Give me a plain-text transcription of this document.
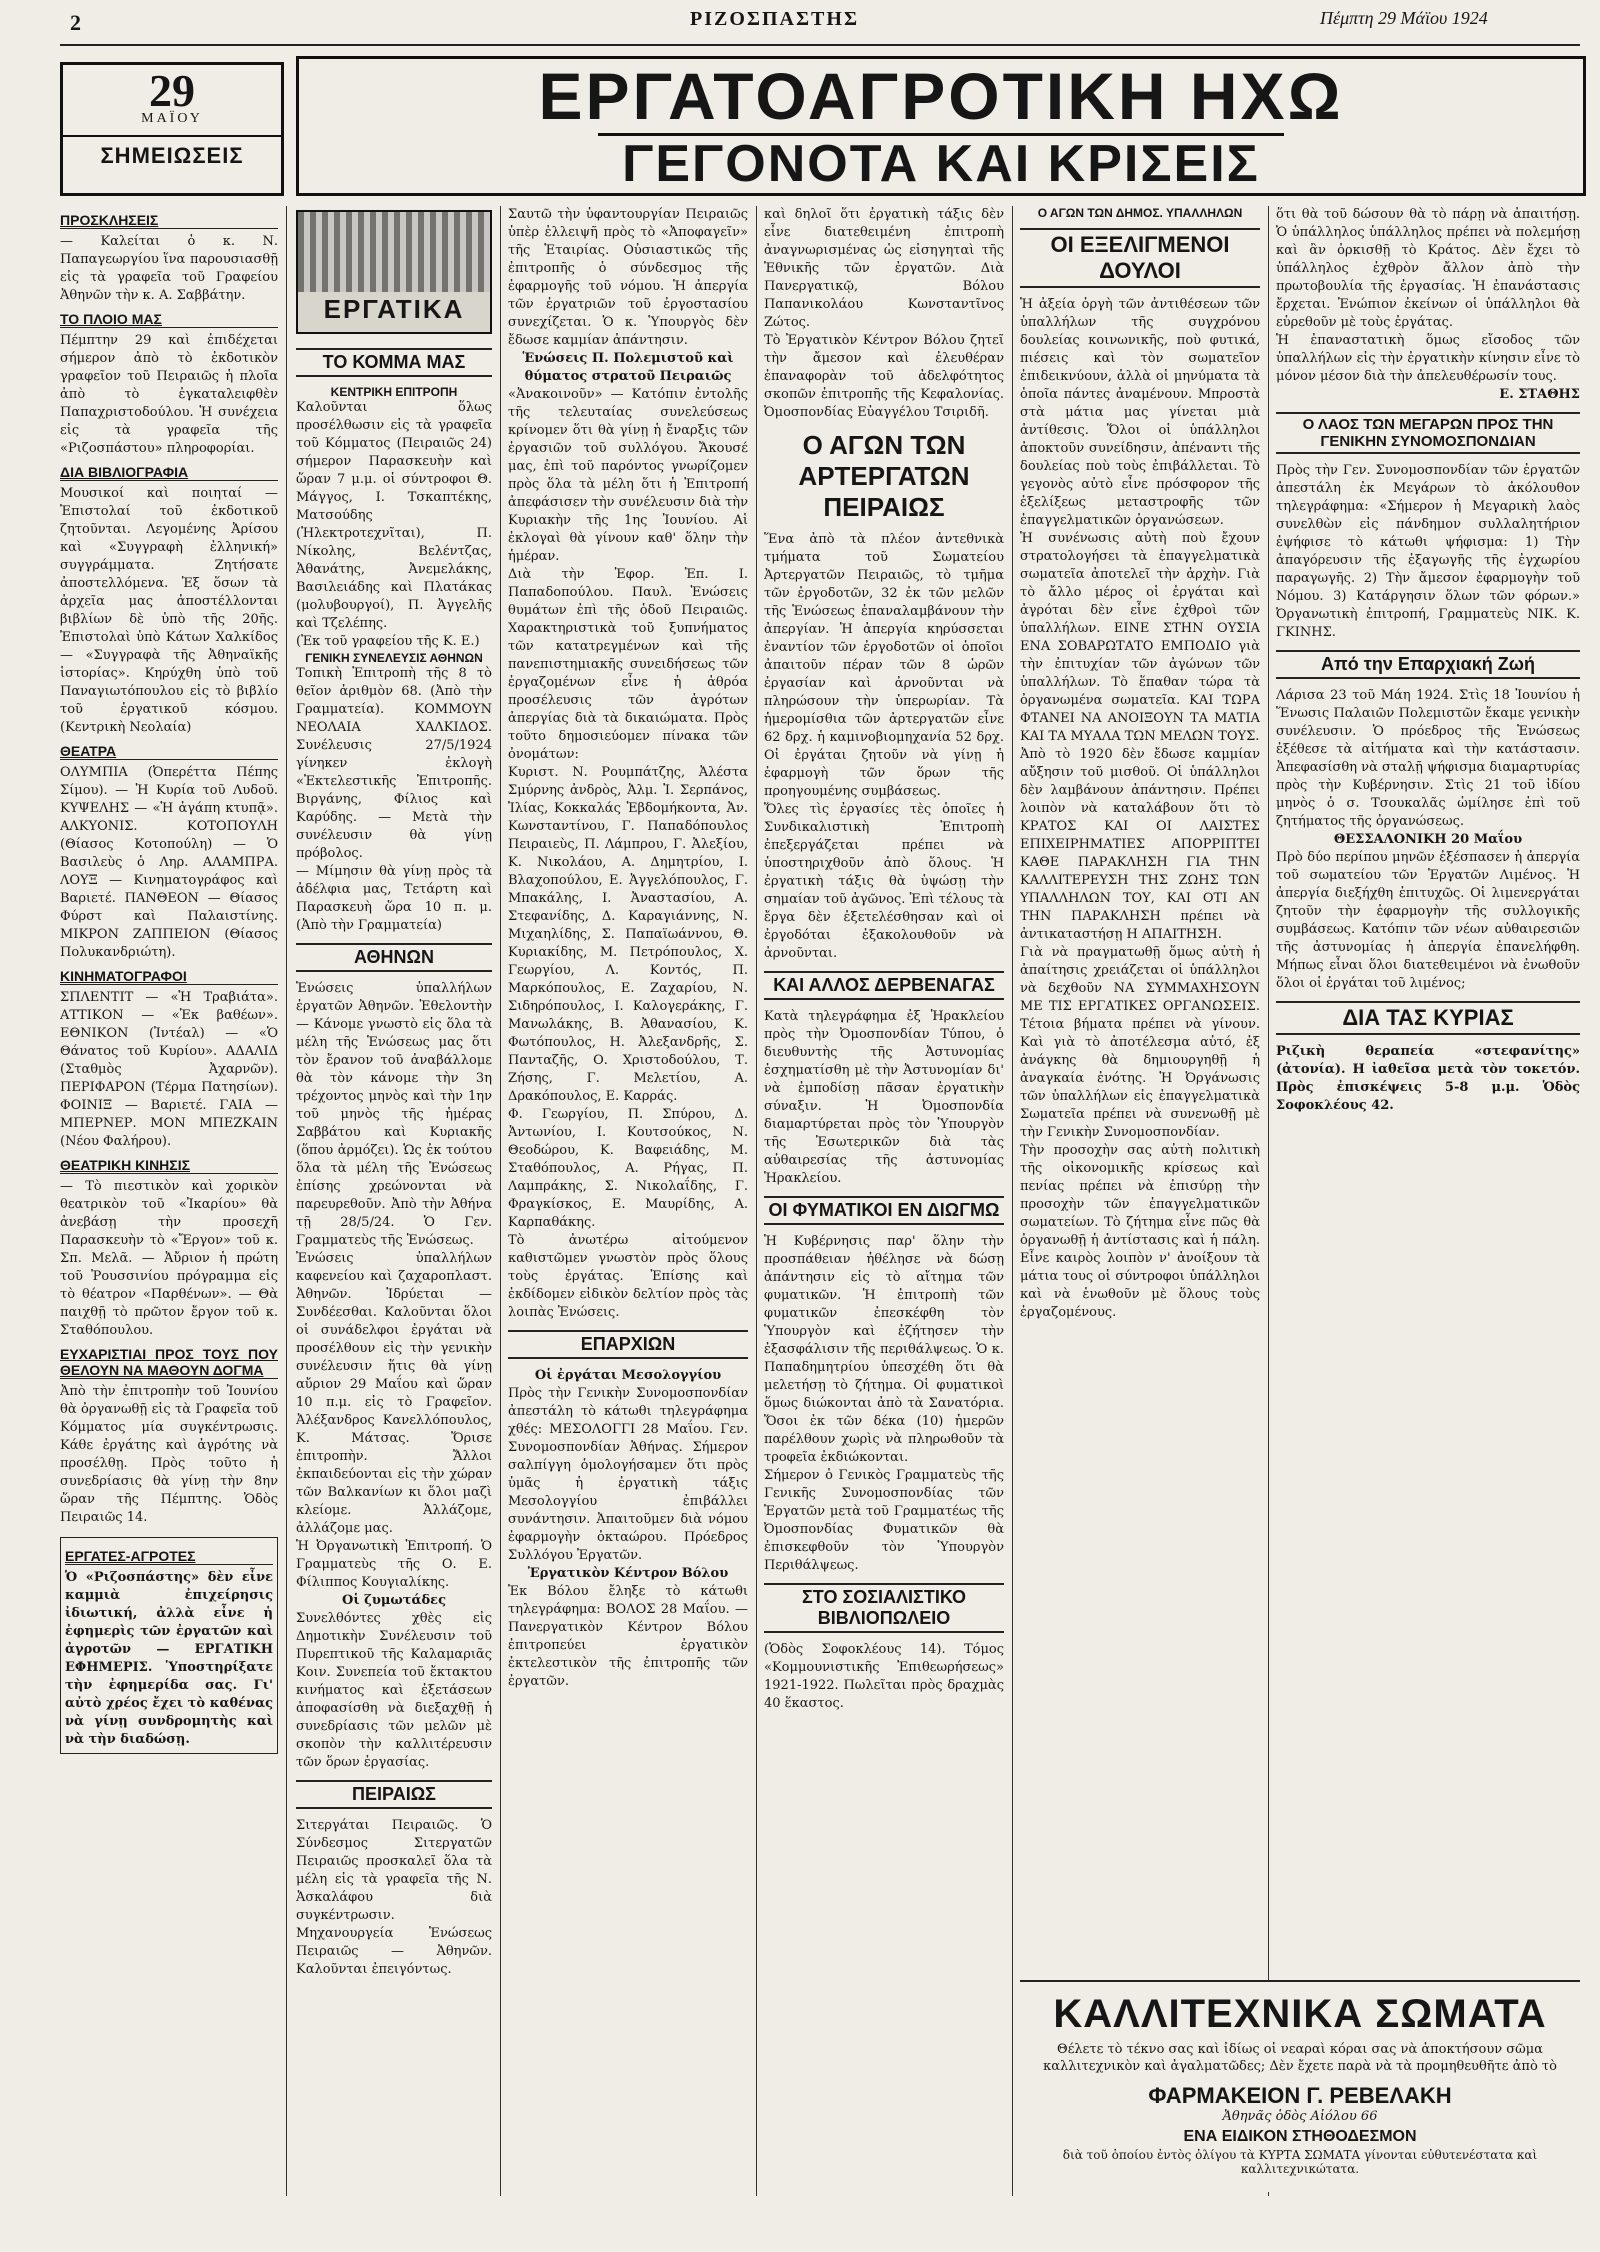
2	ΡΙΖΟΣΠΑΣΤΗΣ	Πέμπτη 29 Μάϊου 1924
29
ΜΑΪΟΥ
ΣΗΜΕΙΩΣΕΙΣ
ΕΡΓΑΤΟΑΓΡΟΤΙΚΗ ΗΧΩ
ΓΕΓΟΝΟΤΑ ΚΑΙ ΚΡΙΣΕΙΣ
ΠΡΟΣΚΛΗΣΕΙΣ
— Καλείται ὁ κ. Ν. Παπαγεωργίου ἵνα παρουσιασθῇ εἰς τὰ γραφεῖα τοῦ Γραφείου Ἀθηνῶν τὴν κ. Α. Σαββάτην.
ΤΟ ΠΛΟΙΟ ΜΑΣ
Πέμπτην 29 καὶ ἐπιδέχεται σήμερον ἀπὸ τὸ ἐκδοτικὸν γραφεῖον τοῦ Πειραιῶς ἡ πλοῖα ἀπὸ τὸ ἐγκαταλειφθὲν Παπαχριστοδούλου. Ἡ συνέχεια εἰς τὰ γραφεῖα τῆς «Ριζοσπάστου» πληροφορίαι.
ΔΙΑ ΒΙΒΛΙΟΓΡΑΦΙΑ
Μουσικοί καὶ ποιηταί — Ἐπιστολαί τοῦ ἐκδοτικοῦ ζητοῦνται. Λεγομένης Ἀρίσου καὶ «Συγγραφὴ ἐλληνική» συγγράμματα. Ζητήσατε ἀποστελλόμενα. Ἐξ ὅσων τὰ ἀρχεῖα μας ἀποστέλλονται βιβλίων δὲ ὑπὸ τῆς 20ῆς. Ἐπιστολαὶ ὑπὸ Κάτων Χαλκίδος — «Συγγραφὰ τῆς Ἀθηναϊκῆς ἱστορίας». Κηρύχθη ὑπὸ τοῦ Παναγιωτόπουλου εἰς τὸ βιβλίο τοῦ ἐργατικοῦ κόσμου. (Κεντρικὴ Νεολαία)
ΘΕΑΤΡΑ
ΟΛΥΜΠΙΑ (Ὀπερέττα Πέπης Σίμου). — Ἡ Κυρία τοῦ Λυδοῦ. ΚΥΨΕΛΗΣ — «Ἡ ἀγάπη κτυπᾷ». ΑΛΚΥΟΝΙΣ. ΚΟΤΟΠΟΥΛΗ (Θίασος Κοτοπούλη) — Ὁ Βασιλεὺς ὁ Ληρ. ΑΛΑΜΠΡΑ. ΛΟΥΞ — Κινηματογράφος καὶ Βαριετέ. ΠΑΝΘΕΟΝ — Θίασος Φύρστ καὶ Παλαιστίνης. ΜΙΚΡΟΝ ΖΑΠΠΕΙΟΝ (Θίασος Πολυκανδριώτη).
ΚΙΝΗΜΑΤΟΓΡΑΦΟΙ
ΣΠΛΕΝΤΙΤ — «Ἡ Τραβιάτα». ΑΤΤΙΚΟΝ — «Ἐκ βαθέων». ΕΘΝΙΚΟΝ (Ἰντέαλ) — «Ὁ Θάνατος τοῦ Κυρίου». ΑΔΑΛΙΔ (Σταθμὸς Ἀχαρνῶν). ΠΕΡΙΦΑΡΟΝ (Τέρμα Πατησίων). ΦΟΙΝΙΞ — Βαριετέ. ΓΑΙΑ — ΜΠΕΡΝΕΡ. ΜΟΝ ΜΠΕΖΚΑΙΝ (Νέου Φαλήρου).
ΘΕΑΤΡΙΚΗ ΚΙΝΗΣΙΣ
— Τὸ πιεστικὸν καὶ χορικὸν θεατρικὸν τοῦ «Ἰκαρίου» θὰ ἀνεβάσῃ τὴν προσεχῆ Παρασκευὴν τὸ «Ἔργον» τοῦ κ. Σπ. Μελᾶ. — Ἀὔριον ἡ πρώτη τοῦ Ῥουσσινίου πρόγραμμα εἰς τὸ θέατρον «Παρθένων». — Θὰ παιχθῇ τὸ πρῶτον ἔργον τοῦ κ. Σταθόπουλου.
ΕΥΧΑΡΙΣΤΙΑΙ ΠΡΟΣ ΤΟΥΣ ΠΟΥ ΘΕΛΟΥΝ ΝΑ ΜΑΘΟΥΝ ΔΟΓΜΑ
Ἀπὸ τὴν ἐπιτροπὴν τοῦ Ἰουνίου θὰ ὀργανωθῇ εἰς τὰ Γραφεῖα τοῦ Κόμματος μία συγκέντρωσις. Κάθε ἐργάτης καὶ ἀγρότης νὰ προσέλθῃ. Πρὸς τοῦτο ἡ συνεδρίασις θὰ γίνῃ τὴν 8ην ὥραν τῆς Πέμπτης. Ὁδὸς Πειραιῶς 14.
ΕΡΓΑΤΕΣ-ΑΓΡΟΤΕΣ
Ὁ «Ριζοσπάστης» δὲν εἶνε καμμιὰ ἐπιχείρησις ἰδιωτική, ἀλλὰ εἶνε ἡ ἐφημερὶς τῶν ἐργατῶν καὶ ἀγροτῶν — ΕΡΓΑΤΙΚΗ ΕΦΗΜΕΡΙΣ. Ὑποστηρίξατε τὴν ἐφημερίδα σας. Γι' αὐτὸ χρέος ἔχει τὸ καθένας νὰ γίνῃ συνδρομητὴς καὶ νὰ τὴν διαδώσῃ.
ΕΡΓΑΤΙΚΑ
ΤΟ ΚΟΜΜΑ ΜΑΣ
ΚΕΝΤΡΙΚΗ ΕΠΙΤΡΟΠΗ
Καλοῦνται ὅλως προσέλθωσιν εἰς τὰ γραφεῖα τοῦ Κόμματος (Πειραιῶς 24) σήμερον Παρασκευὴν καὶ ὥραν 7 μ.μ. οἱ σύντροφοι Θ. Μάγγος, Ι. Τσκαπτέκης, Ματσούδης (Ἠλεκτροτεχνῖται), Π. Νίκολης, Βελέντζας, Ἀθανάτης, Ἀνεμελάκης, Βασιλειάδης καὶ Πλατάκας (μολυβουργοί), Π. Ἀγγελῆς καὶ Τζελέπης.
(Ἐκ τοῦ γραφείου τῆς Κ. Ε.)
ΓΕΝΙΚΗ ΣΥΝΕΛΕΥΣΙΣ ΑΘΗΝΩΝ
Τοπικὴ Ἐπιτροπὴ τῆς 8 τὸ θεῖον ἀριθμὸν 68. (Ἀπὸ τὴν Γραμματεία). ΚΟΜΜΟΥΝ ΝΕΟΛΑΙΑ ΧΑΛΚΙΔΟΣ. Συνέλευσις 27/5/1924 γίνηκεν ἐκλογὴ «Ἐκτελεστικῆς Ἐπιτροπῆς. Βιργάνης, Φίλιος καὶ Καρύδης. — Μετὰ τὴν συνέλευσιν θὰ γίνῃ πρόβολος.
— Μίμησιν θὰ γίνῃ πρὸς τὰ ἀδέλφια μας, Τετάρτη καὶ Παρασκευὴ ὥρα 10 π. μ. (Ἀπὸ τὴν Γραμματεία)
ΑΘΗΝΩΝ
Ἑνώσεις ὑπαλλήλων ἐργατῶν Ἀθηνῶν. Ἐθελοντὴν — Κάνομε γνωστὸ εἰς ὅλα τὰ μέλη τῆς Ἑνώσεως μας ὅτι τὸν ἔρανον τοῦ ἀναβάλλομε θὰ τὸν κάνομε τὴν 3η τρέχοντος μηνὸς καὶ τὴν 1ην τοῦ μηνὸς τῆς ἡμέρας Σαββάτου καὶ Κυριακῆς (ὅπου ἀρμόζει). Ὡς ἐκ τούτου ὅλα τὰ μέλη τῆς Ἑνώσεως ἐπίσης χρεώνονται νὰ παρευρεθοῦν. Ἀπὸ τὴν Ἀθήνα τῇ 28/5/24. Ὁ Γεν. Γραμματεὺς τῆς Ἑνώσεως.
Ἐνώσεις ὑπαλλήλων καφενείου καὶ ζαχαροπλαστ. Ἀθηνῶν. Ἰδρύεται — Συνδέεσθαι. Καλοῦνται ὅλοι οἱ συνάδελφοι ἐργάται νὰ προσέλθουν εἰς τὴν γενικὴν συνέλευσιν ἥτις θὰ γίνῃ αὔριον 29 Μαΐου καὶ ὥραν 10 π.μ. εἰς τὸ Γραφεῖον. Ἀλέξανδρος Κανελλόπουλος, Κ. Μάτσας. Ὅρισε ἐπιτροπὴν. Ἄλλοι ἐκπαιδεύονται εἰς τὴν χώραν τῶν Βαλκανίων κι ὅλοι μαζὶ κλείομε. Ἀλλάζομε, ἀλλάζομε μας.
Ἡ Ὀργανωτικὴ Ἐπιτροπή. Ὁ Γραμματεὺς τῆς Ο. Ε. Φίλιππος Κουγιαλίκης.
Οἱ ζυμωτάδες
Συνελθόντες χθὲς εἰς Δημοτικὴν Συνέλευσιν τοῦ Πυρεπτικοῦ τῆς Καλαμαριᾶς Κοιν. Συνεπεία τοῦ ἔκτακτου κινήματος καὶ ἐξετάσεων ἀποφασίσθη νὰ διεξαχθῇ ἡ συνεδρίασις τῶν μελῶν μὲ σκοπὸν τὴν καλλιτέρευσιν τῶν ὅρων ἐργασίας.
ΠΕΙΡΑΙΩΣ
Σιτεργάται Πειραιῶς. Ὁ Σύνδεσμος Σιτεργατῶν Πειραιῶς προσκαλεῖ ὅλα τὰ μέλη εἰς τὰ γραφεῖα τῆς Ν. Ἀσκαλάφου διὰ συγκέντρωσιν. Μηχανουργεία Ἑνώσεως Πειραιῶς — Ἀθηνῶν. Καλοῦνται ἐπειγόντως.
Σαυτῶ τὴν ὑφαντουργίαν Πειραιῶς ὑπὲρ ἐλλειψῆ πρὸς τὸ «Ἀποφαγεῖν» τῆς Ἑταιρίας. Οὐσιαστικῶς τῆς ἐπιτροπῆς ὁ σύνδεσμος τῆς ἐφαρμογῆς τοῦ νόμου. Ἡ ἀπεργία τῶν ἐργατριῶν τοῦ ἐργοστασίου συνεχίζεται. Ὁ κ. Ὑπουργὸς δὲν ἔδωσε καμμίαν ἀπάντησιν.
Ἑνώσεις Π. Πολεμιστοῦ καὶ θύματος στρατοῦ Πειραιῶς
«Ἀνακοινοῦν» — Κατόπιν ἐντολῆς τῆς τελευταίας συνελεύσεως κρίνομεν ὅτι θὰ γίνῃ ἡ ἔναρξις τῶν ἐργασιῶν τοῦ συλλόγου. Ἄκουσέ μας, ἐπὶ τοῦ παρόντος γνωρίζομεν πρὸς ὅλα τὰ μέλη ὅτι ἡ Ἐπιτροπή ἀπεφάσισεν τὴν συνέλευσιν διὰ τὴν Κυριακὴν τῆς 1ης Ἰουνίου. Αἱ ἐκλογαὶ θὰ γίνουν καθ' ὅλην τὴν ἡμέραν.
Διὰ τὴν Ἐφορ. Ἐπ. Ι. Παπαδοπούλου. Παυλ. Ἑνώσεις θυμάτων ἐπὶ τῆς ὁδοῦ Πειραιῶς. Χαρακτηριστικὰ τοῦ ξυπνήματος τῶν κατατρεγμένων καὶ τῆς πανεπιστημιακῆς συνειδήσεως τῶν ἐργαζομένων εἶνε ἡ ἀθρόα προσέλευσις τῶν ἀγρότων ἀπεργίας διὰ τὰ δικαιώματα. Πρὸς τοῦτο δημοσιεύομεν πίνακα τῶν ὀνομάτων:
Κυριστ. Ν. Ρουμπάτζης, Ἀλέστα Σμύρνης ἀνδρὸς, Ἀλμ. Ἰ. Σερπάνος, Ἰλίας, Κοκκαλάς Ἑβδομήκοντα, Ἀν. Κωνσταντίνου, Γ. Παπαδόπουλος Πειραιεὺς, Π. Λάμπρου, Γ. Ἀλεξίου, Κ. Νικολάου, Α. Δημητρίου, Ι. Βλαχοπούλου, Ε. Ἀγγελόπουλος, Γ. Μπακάλης, Ι. Ἀναστασίου, Α. Στεφανίδης, Δ. Καραγιάννης, Ν. Μιχαηλίδης, Σ. Παπαϊωάννου, Θ. Κυριακίδης, Μ. Πετρόπουλος, Χ. Γεωργίου, Λ. Κοντός, Π. Μαρκόπουλος, Ε. Ζαχαρίου, Ν. Σιδηρόπουλος, Ι. Καλογεράκης, Γ. Μανωλάκης, Β. Ἀθανασίου, Κ. Φωτόπουλος, Η. Ἀλεξανδρῆς, Σ. Πανταζῆς, Ο. Χριστοδούλου, Τ. Ζήσης, Γ. Μελετίου, Α. Δρακόπουλος, Ε. Καρράς.
Φ. Γεωργίου, Π. Σπύρου, Δ. Ἀντωνίου, Ι. Κουτσούκος, Ν. Θεοδώρου, Κ. Βαφειάδης, Μ. Σταθόπουλος, Α. Ρήγας, Π. Λαμπράκης, Σ. Νικολαΐδης, Γ. Φραγκίσκος, Ε. Μαυρίδης, Α. Καρπαθάκης.
Τὸ ἀνωτέρω αἰτούμενον καθιστῶμεν γνωστὸν πρὸς ὅλους τοὺς ἐργάτας. Ἐπίσης καὶ ἐκδίδομεν εἰδικὸν δελτίον πρὸς τὰς λοιπὰς Ἑνώσεις.
ΕΠΑΡΧΙΩΝ
Οἱ ἐργάται Μεσολογγίου
Πρὸς τὴν Γενικὴν Συνομοσπονδίαν ἀπεστάλη τὸ κάτωθι τηλεγράφημα χθές: ΜΕΣΟΛΟΓΓΙ 28 Μαΐου. Γεν. Συνομοσπονδίαν Ἀθήνας. Σήμερον σαλπίγγη ὁμολογήσαμεν ὅτι πρὸς ὑμᾶς ἡ ἐργατικὴ τάξις Μεσολογγίου ἐπιβάλλει συνάντησιν. Ἀπαιτοῦμεν διὰ νόμου ἐφαρμογὴν ὀκταώρου. Πρόεδρος Συλλόγου Ἐργατῶν.
Ἐργατικὸν Κέντρον Βόλου
Ἐκ Βόλου ἔληξε τὸ κάτωθι τηλεγράφημα: ΒΟΛΟΣ 28 Μαΐου. — Πανεργατικὸν Κέντρον Βόλου ἐπιτροπεύει ἐργατικὸν ἐκτελεστικὸν τῆς ἐπιτροπῆς τῶν ἐργατῶν.
καὶ δηλοῖ ὅτι ἐργατικὴ τάξις δὲν εἶνε διατεθειμένη ἐπιτροπὴ ἀναγνωρισμένας ὡς εἰσηγηταὶ τῆς Ἐθνικῆς τῶν ἐργατῶν. Διὰ Πανεργατικῷ, Βόλου Παπανικολάου Κωνσταντῖνος Ζώτος.
Τὸ Ἐργατικὸν Κέντρον Βόλου ζητεῖ τὴν ἄμεσον καὶ ἐλευθέραν ἐπαναφορὰν τοῦ ἀδελφότητος σκοπῶν ἐπιτροπῆς τῆς Κεφαλονίας. Ὀμοσπονδίας Εὐαγγέλου Τσιριδῆ.
Ο ΑΓΩΝ ΤΩΝ ΑΡΤΕΡΓΑΤΩΝ ΠΕΙΡΑΙΩΣ
Ἕνα ἀπὸ τὰ πλέον ἀντεθνικὰ τμήματα τοῦ Σωματείου Ἀρτεργατῶν Πειραιῶς, τὸ τμῆμα τῶν ἐργοδοτῶν, 32 ἐκ τῶν μελῶν τῆς Ἑνώσεως ἐπαναλαμβάνουν τὴν ἀπεργίαν. Ἡ ἀπεργία κηρύσσεται ἐναντίον τῶν ἐργοδοτῶν οἱ ὁποῖοι ἀπαιτοῦν πέραν τῶν 8 ὡρῶν ἐργασίαν καὶ ἀρνοῦνται νὰ πληρώσουν τὴν ὑπερωρίαν. Τὰ ἡμερομίσθια τῶν ἀρτεργατῶν εἶνε 62 δρχ. ἡ καμινοβιομηχανία 52 δρχ. Οἱ ἐργάται ζητοῦν νὰ γίνῃ ἡ ἐφαρμογὴ τῶν ὅρων τῆς προηγουμένης συμβάσεως.
Ὅλες τὶς ἐργασίες τὲς ὁποῖες ἡ Συνδικαλιστικὴ Ἐπιτροπὴ ἐπεξεργάζεται πρέπει νὰ ὑποστηριχθοῦν ἀπὸ ὅλους. Ἡ ἐργατικὴ τάξις θὰ ὑψώσῃ τὴν σημαίαν τοῦ ἀγῶνος. Ἐπὶ τέλους τὰ ἔργα δὲν ἐξετελέσθησαν καὶ οἱ ἐργοδόται ἐξακολουθοῦν νὰ ἀρνοῦνται.
ΚΑΙ ΑΛΛΟΣ ΔΕΡΒΕΝΑΓΑΣ
Κατὰ τηλεγράφημα ἐξ Ἡρακλείου πρὸς τὴν Ὀμοσπονδίαν Τύπου, ὁ διευθυντὴς τῆς Ἀστυνομίας ἐσχηματίσθη μὲ τὴν Ἀστυνομίαν δι' νὰ ἐμποδίσῃ πᾶσαν ἐργατικὴν σύναξιν. Ἡ Ὀμοσπονδία διαμαρτύρεται πρὸς τὸν Ὑπουργὸν τῆς Ἐσωτερικῶν διὰ τὰς αὐθαιρεσίας τῆς ἀστυνομίας Ἡρακλείου.
ΟΙ ΦΥΜΑΤΙΚΟΙ ΕΝ ΔΙΩΓΜΩ
Ἡ Κυβέρνησις παρ' ὅλην τὴν προσπάθειαν ἠθέλησε νὰ δώσῃ ἀπάντησιν εἰς τὸ αἴτημα τῶν φυματικῶν. Ἡ ἐπιτροπὴ τῶν φυματικῶν ἐπεσκέφθη τὸν Ὑπουργὸν καὶ ἐζήτησεν τὴν ἐξασφάλισιν τῆς περιθάλψεως. Ὁ κ. Παπαδημητρίου ὑπεσχέθη ὅτι θὰ μελετήσῃ τὸ ζήτημα. Οἱ φυματικοὶ ὅμως διώκονται ἀπὸ τὰ Σανατόρια. Ὅσοι ἐκ τῶν δέκα (10) ἡμερῶν παρέλθουν χωρὶς νὰ πληρωθοῦν τὰ τροφεῖα ἐκδιώκονται.
Σήμερον ὁ Γενικὸς Γραμματεὺς τῆς Γενικῆς Συνομοσπονδίας τῶν Ἐργατῶν μετὰ τοῦ Γραμματέως τῆς Ὀμοσπονδίας Φυματικῶν θὰ ἐπισκεφθοῦν τὸν Ὑπουργὸν Περιθάλψεως.
ΣΤΟ ΣΟΣΙΑΛΙΣΤΙΚΟ ΒΙΒΛΙΟΠΩΛΕΙΟ
(Ὁδὸς Σοφοκλέους 14). Τόμος «Κομμουνιστικῆς Ἐπιθεωρήσεως» 1921-1922. Πωλεῖται πρὸς δραχμὰς 40 ἕκαστος.
Ο ΑΓΩΝ ΤΩΝ ΔΗΜΟΣ. ΥΠΑΛΛΗΛΩΝ
ΟΙ ΕΞΕΛΙΓΜΕΝΟΙ ΔΟΥΛΟΙ
Ἡ ἀξεία ὀργὴ τῶν ἀντιθέσεων τῶν ὑπαλλήλων τῆς συγχρόνου δουλείας κοινωνικῆς, ποὺ φυτικά, πιέσεις καὶ τὸν σωματεῖον ἐπιδεικνύουν, ἀλλὰ οἱ μηνύματα τὰ ὁποῖα πάντες ἀναμένουν. Μπροστὰ στὰ μάτια μας γίνεται μιὰ ἀντίθεσις. Ὅλοι οἱ ὑπάλληλοι ἀποκτοῦν συνείδησιν, ἀπέναντι τῆς δουλείας ποὺ τοὺς ἐπιβάλλεται. Τὸ γεγονὸς αὐτὸ εἶνε πρόσφορον τῆς ἐξελίξεως μεταστροφῆς τῶν ἐπαγγελματικῶν ὀργανώσεων.
Ἡ συνένωσις αὐτὴ ποὺ ἔχουν στρατολογήσει τὰ ἐπαγγελματικὰ σωματεῖα ἀποτελεῖ τὴν ἀρχὴν. Γιὰ τὸ ἄλλο μέρος οἱ ἐργάται καὶ ἀγρόται δὲν εἶνε ἐχθροὶ τῶν ὑπαλλήλων. ΕΙΝΕ ΣΤΗΝ ΟΥΣΙΑ ΕΝΑ ΣΟΒΑΡΩΤΑΤΟ ΕΜΠΟΔΙΟ γιὰ τὴν ἐπιτυχίαν τῶν ἀγώνων τῶν ὑπαλλήλων. Τὸ ἕπαθαν τώρα τὰ ὀργανωμένα σωματεῖα. ΚΑΙ ΤΩΡΑ ΦΤΑΝΕΙ ΝΑ ΑΝΟΙΞΟΥΝ ΤΑ ΜΑΤΙΑ ΚΑΙ ΤΑ ΜΥΑΛΑ ΤΩΝ ΜΕΛΩΝ ΤΟΥΣ.
Ἀπὸ τὸ 1920 δὲν ἔδωσε καμμίαν αὔξησιν τοῦ μισθοῦ. Οἱ ὑπάλληλοι δὲν λαμβάνουν ἀπάντησιν. Πρέπει λοιπὸν νὰ καταλάβουν ὅτι τὸ ΚΡΑΤΟΣ ΚΑΙ ΟΙ ΛΑΙΣΤΕΣ ΕΠΙΧΕΙΡΗΜΑΤΙΕΣ ΑΠΟΡΡΙΠΤΕΙ ΚΑΘΕ ΠΑΡΑΚΛΗΣΗ ΓΙΑ ΤΗΝ ΚΑΛΛΙΤΕΡΕΥΣΗ ΤΗΣ ΖΩΗΣ ΤΩΝ ΥΠΑΛΛΗΛΩΝ ΤΟΥ, ΚΑΙ ΟΤΙ ΑΝ ΤΗΝ ΠΑΡΑΚΛΗΣΗ πρέπει νὰ ἀντικαταστήσῃ Η ΑΠΑΙΤΗΣΗ.
Γιὰ νὰ πραγματωθῇ ὅμως αὐτὴ ἡ ἀπαίτησις χρειάζεται οἱ ὑπάλληλοι νὰ δεχθοῦν ΝΑ ΣΥΜΜΑΧΗΣΟΥΝ ΜΕ ΤΙΣ ΕΡΓΑΤΙΚΕΣ ΟΡΓΑΝΩΣΕΙΣ. Τέτοια βήματα πρέπει νὰ γίνουν. Καὶ γιὰ τὸ ἀποτέλεσμα αὐτό, ἐξ ἀνάγκης θὰ δημιουργηθῇ ἡ ἀναγκαία ἐνότης. Ἡ Ὀργάνωσις τῶν ὑπαλλήλων εἰς ἐπαγγελματικὰ Σωματεῖα πρέπει νὰ συνενωθῇ μὲ τὴν Γενικὴν Συνομοσπονδίαν.
Τὴν προσοχὴν σας αὐτὴ πολιτικὴ τῆς οἰκονομικῆς κρίσεως καὶ πενίας πρέπει νὰ ἐπισύρῃ τὴν προσοχὴν τῶν ἐπαγγελματικῶν σωματείων. Τὸ ζήτημα εἶνε πῶς θὰ ὀργανωθῇ ἡ ἀντίστασις καὶ ἡ πάλη. Εἶνε καιρὸς λοιπὸν ν' ἀνοίξουν τὰ μάτια τους οἱ σύντροφοι ὑπάλληλοι καὶ νὰ ἑνωθοῦν μὲ ὅλους τοὺς ἐργαζομένους.
ὅτι θὰ τοῦ δώσουν θὰ τὸ πάρῃ νὰ ἀπαιτήσῃ. Ὁ ὑπάλληλος ὑπάλληλος πρέπει νὰ πολεμήσῃ καὶ ἂν ὀρκισθῇ τὸ Κράτος. Δὲν ἔχει τὸ ὑπάλληλος ἐχθρὸν ἄλλον ἀπὸ τὴν πρωτοβουλία τῆς ἐργασίας. Ἡ ἐπανάστασις ἔρχεται. Ἐνώπιον ἐκείνων οἱ ὑπάλληλοι θὰ εὑρεθοῦν μὲ τοὺς ἐργάτας.
Ἡ ἐπαναστατικὴ ὅμως εἴσοδος τῶν ὑπαλλήλων εἰς τὴν ἐργατικὴν κίνησιν εἶνε τὸ μόνον μέσον διὰ τὴν ἀπελευθέρωσίν τους.
Ε. ΣΤΑΘΗΣ
Ο ΛΑΟΣ ΤΩΝ ΜΕΓΑΡΩΝ ΠΡΟΣ ΤΗΝ ΓΕΝΙΚΗΝ ΣΥΝΟΜΟΣΠΟΝΔΙΑΝ
Πρὸς τὴν Γεν. Συνομοσπονδίαν τῶν ἐργατῶν ἀπεστάλη ἐκ Μεγάρων τὸ ἀκόλουθον τηλεγράφημα: «Σήμερον ἡ Μεγαρικὴ λαὸς συνελθὼν εἰς πάνδημον συλλαλητήριον ἐψήφισε τὸ κάτωθι ψήφισμα: 1) Τὴν ἀπαγόρευσιν τῆς ἐξαγωγῆς τῆς ἐγχωρίου παραγωγῆς. 2) Τὴν ἄμεσον ἐφαρμογὴν τοῦ Νόμου. 3) Κατάργησιν ὅλων τῶν φόρων.» Ὀργανωτικὴ ἐπιτροπή, Γραμματεὺς ΝΙΚ. Κ. ΓΚΙΝΗΣ.
Από την Επαρχιακή Ζωή
Λάρισα 23 τοῦ Μάη 1924. Στὶς 18 Ἰουνίου ἡ Ἕνωσις Παλαιῶν Πολεμιστῶν ἔκαμε γενικὴν συνέλευσιν. Ὁ πρόεδρος τῆς Ἑνώσεως ἐξέθεσε τὰ αἰτήματα καὶ τὴν κατάστασιν. Ἀπεφασίσθη νὰ σταλῇ ψήφισμα διαμαρτυρίας πρὸς τὴν Κυβέρνησιν. Στὶς 21 τοῦ ἰδίου μηνὸς ὁ σ. Τσουκαλᾶς ὡμίλησε ἐπὶ τοῦ ζητήματος τῆς ὀργανώσεως.
ΘΕΣΣΑΛΟΝΙΚΗ 20 Μαΐου
Πρὸ δύο περίπου μηνῶν ἐξέσπασεν ἡ ἀπεργία τοῦ σωματείου τῶν Ἐργατῶν Λιμένος. Ἡ ἀπεργία διεξήχθη ἐπιτυχῶς. Οἱ λιμενεργάται ζητοῦν τὴν ἐφαρμογὴν τῆς συλλογικῆς συμβάσεως. Κατόπιν τῶν νέων αὐθαιρεσιῶν τῆς ἀστυνομίας ἡ ἀπεργία ἐπανελήφθη. Μήπως εἶναι ὅλοι διατεθειμένοι νὰ ἐνωθοῦν ὅλοι οἱ ἐργάται τοῦ λιμένος;
ΔΙΑ ΤΑΣ ΚΥΡΙΑΣ
Ριζικὴ θεραπεία «στεφανίτης» (ἀτονία). Η ἰαθεῖσα μετὰ τὸν τοκετόν. Πρὸς ἐπισκέψεις 5-8 μ.μ. Ὁδὸς Σοφοκλέους 42.
ΚΑΛΛΙΤΕΧΝΙΚΑ ΣΩΜΑΤΑ
Θέλετε τὸ τέκνο σας καὶ ἰδίως οἱ νεαραὶ κόραι σας νὰ ἀποκτήσουν σῶμα καλλιτεχνικὸν καὶ ἀγαλματῶδες; Δὲν ἔχετε παρὰ νὰ τὰ προμηθευθῆτε ἀπὸ τὸ
ΦΑΡΜΑΚΕΙΟΝ Γ. ΡΕΒΕΛΑΚΗ
Ἀθηνᾶς ὁδὸς Αἰόλου 66
ΕΝΑ ΕΙΔΙΚΟΝ ΣΤΗΘΟΔΕΣΜΟΝ
διὰ τοῦ ὁποίου ἐντὸς ὀλίγου τὰ ΚΥΡΤΑ ΣΩΜΑΤΑ γίνονται εὐθυτενέστατα καὶ καλλιτεχνικώτατα.
